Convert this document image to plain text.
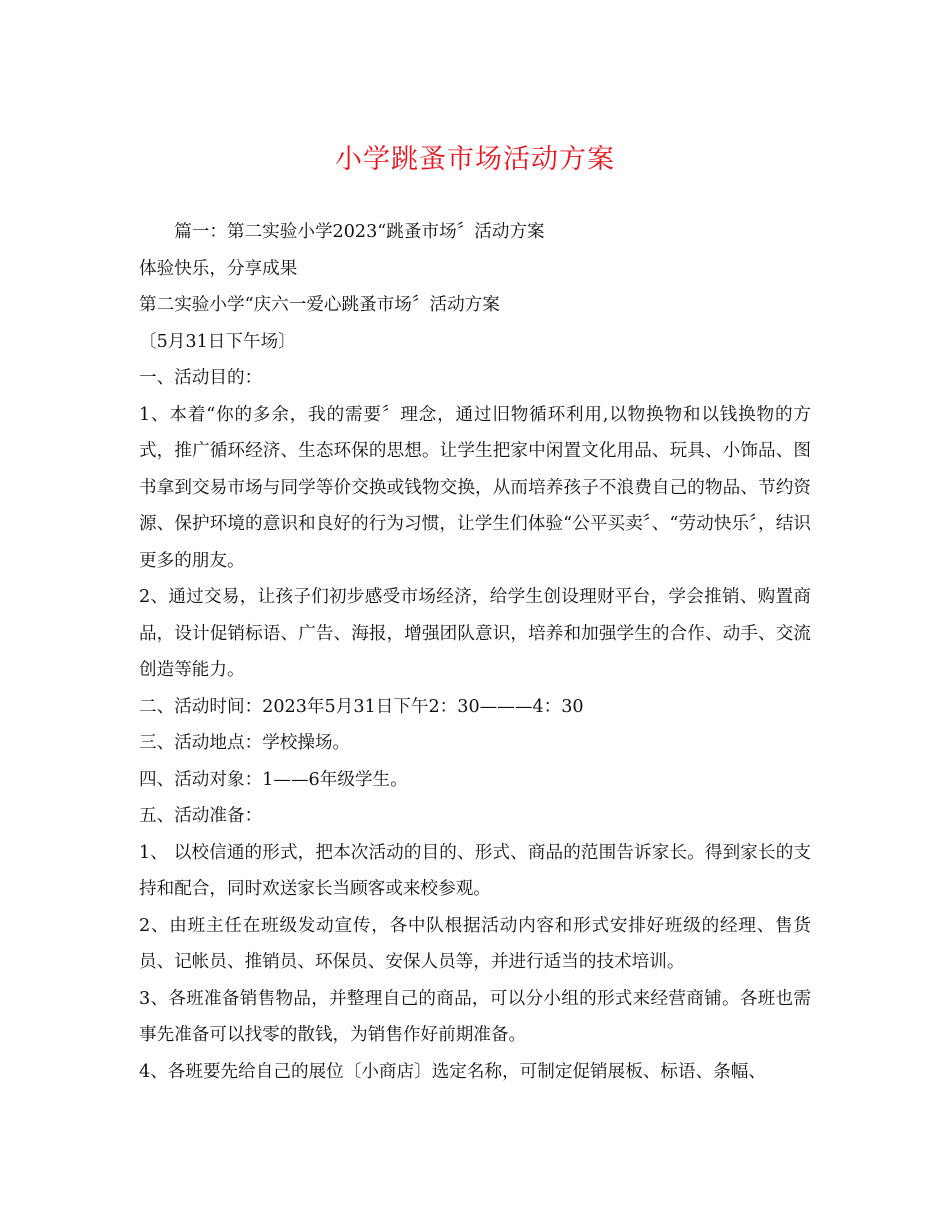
小学跳蚤市场活动方案

篇一：第二实验小学2023“跳蚤市场〞活动方案

体验快乐，分享成果

第二实验小学“庆六一爱心跳蚤市场〞活动方案

〔5月31日下午场〕

一、活动目的：

1、本着“你的多余，我的需要〞理念，通过旧物循环利用,以物换物和以钱换物的方式，推广循环经济、生态环保的思想。让学生把家中闲置文化用品、玩具、小饰品、图书拿到交易市场与同学等价交换或钱物交换，从而培养孩子不浪费自己的物品、节约资源、保护环境的意识和良好的行为习惯，让学生们体验“公平买卖〞、“劳动快乐〞，结识更多的朋友。

2、通过交易，让孩子们初步感受市场经济，给学生创设理财平台，学会推销、购置商品，设计促销标语、广告、海报，增强团队意识，培养和加强学生的合作、动手、交流创造等能力。

二、活动时间：2023年5月31日下午2：30———4：30

三、活动地点：学校操场。

四、活动对象：1——6年级学生。

五、活动准备：

1、 以校信通的形式，把本次活动的目的、形式、商品的范围告诉家长。得到家长的支持和配合，同时欢送家长当顾客或来校参观。

2、由班主任在班级发动宣传，各中队根据活动内容和形式安排好班级的经理、售货员、记帐员、推销员、环保员、安保人员等，并进行适当的技术培训。

3、各班准备销售物品，并整理自己的商品，可以分小组的形式来经营商铺。各班也需事先准备可以找零的散钱，为销售作好前期准备。

4、各班要先给自己的展位〔小商店〕选定名称，可制定促销展板、标语、条幅、
